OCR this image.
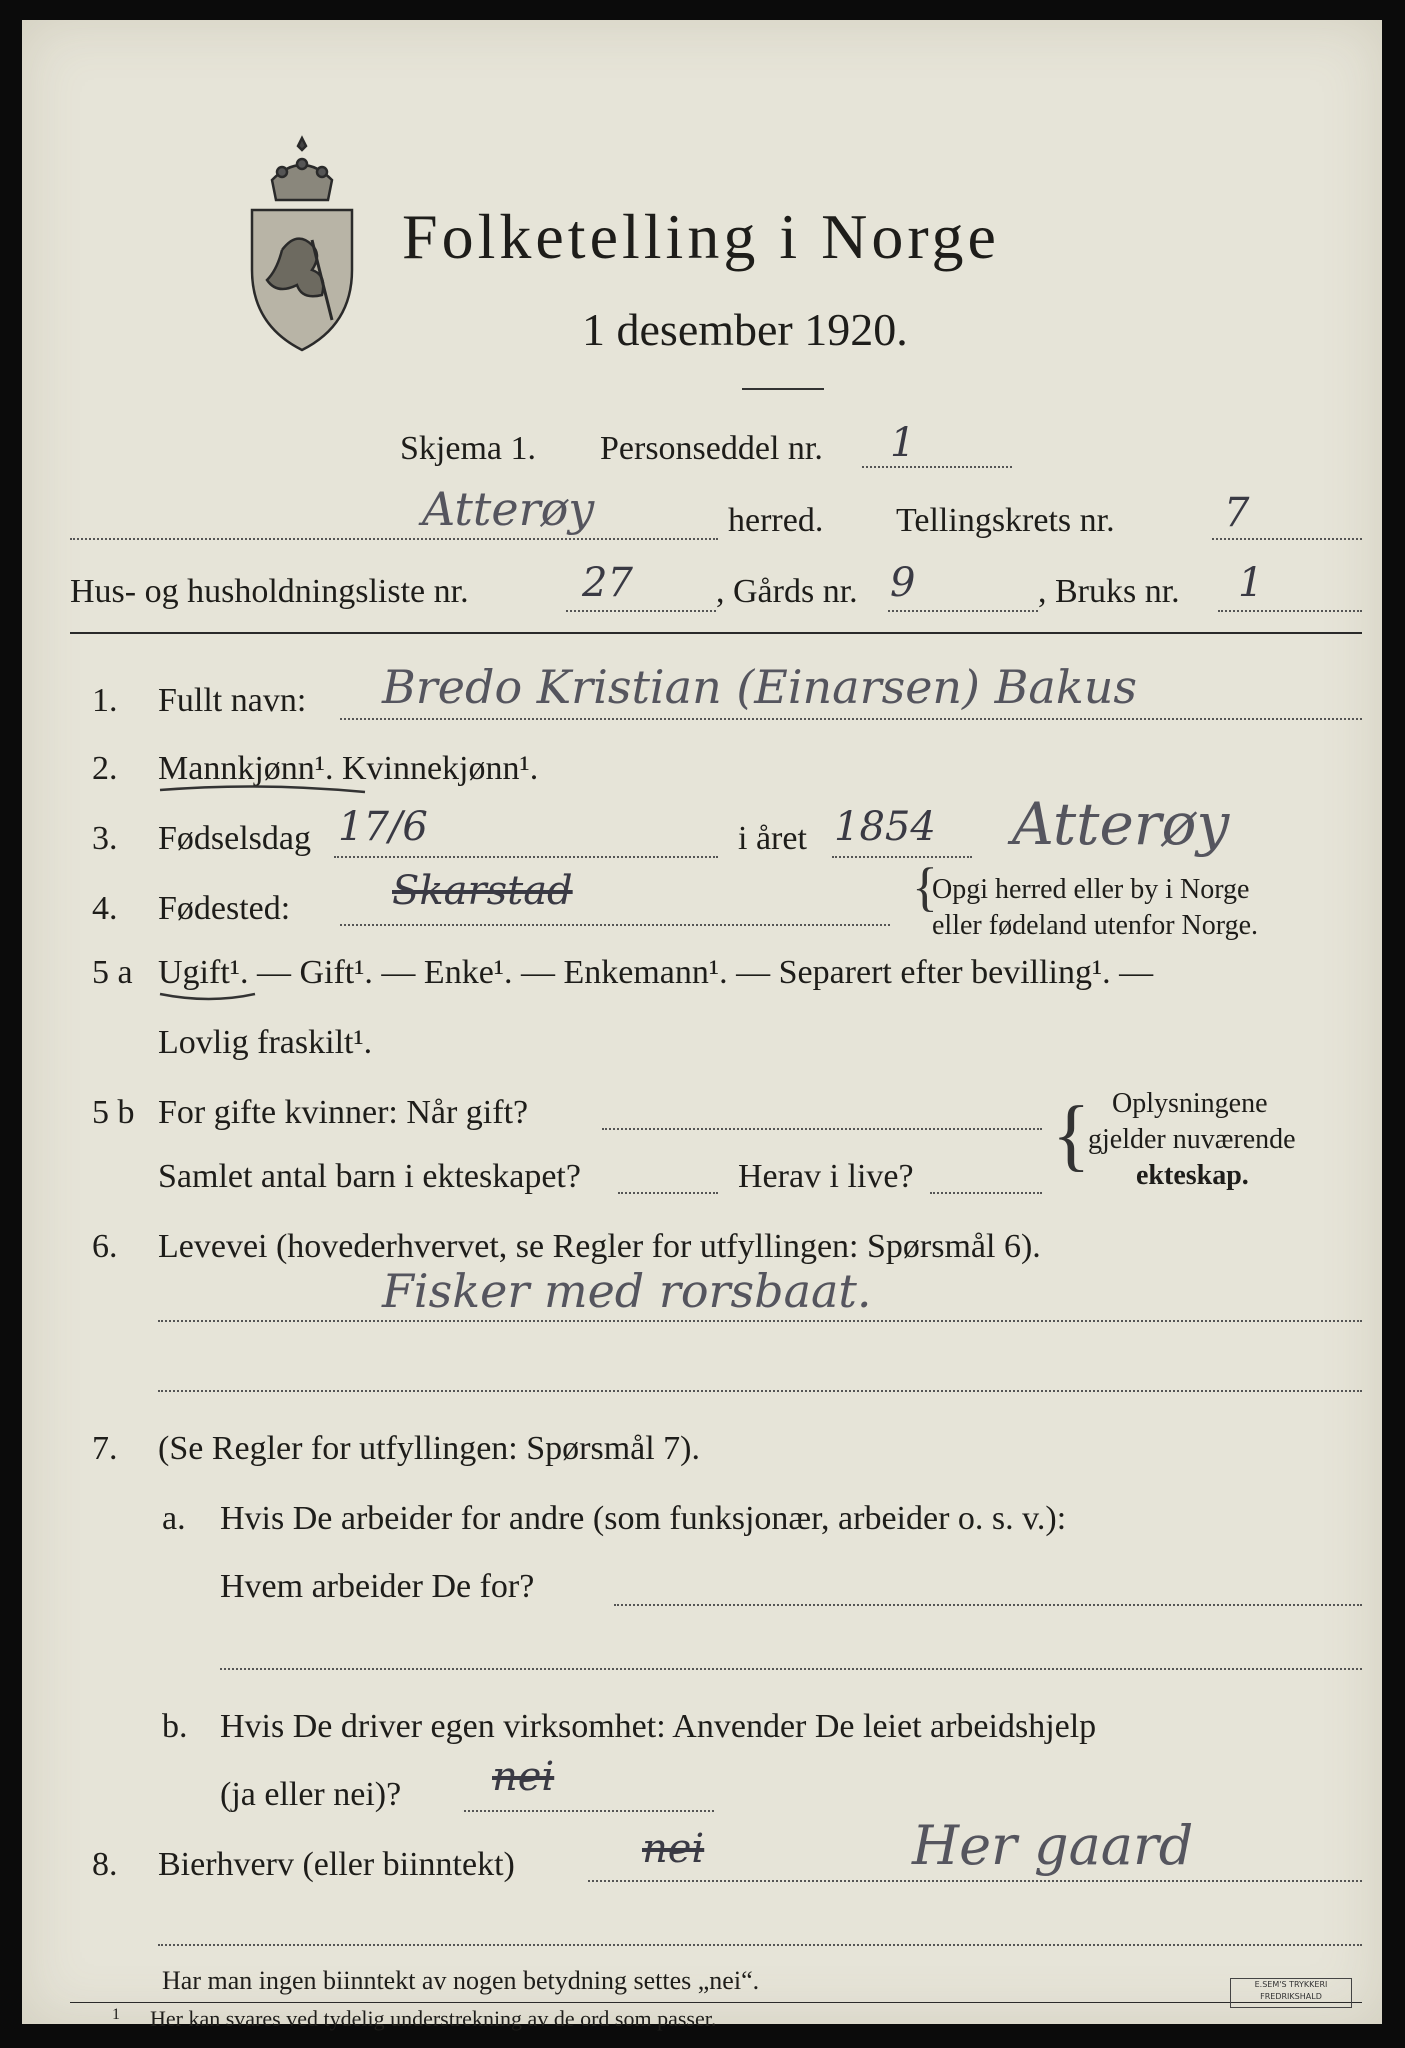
Folketelling i Norge
1 desember 1920.
Skjema 1. Personseddel nr. 1
Atterøy	herred. Tellingskrets nr.	7
Hus- og husholdningsliste nr.	27 , Gårds nr. 9	, Bruks nr. 1
1. Fullt navn: Bredo Kristian (Einarsen) Bakus
2. Mannkjønn¹. Kvinnekjønn¹.
3. Fødselsdag 17/6	i året 1854 Atterøy
4. Fødested:	Skarstad	{
Opgi herred eller by i Norge
eller fødeland utenfor Norge.
5 a Ugift¹. — Gift¹. — Enke¹. — Enkemann¹. — Separert efter bevilling¹. —
Lovlig fraskilt¹.
5 b For gifte kvinner: Når gift?
Samlet antal barn i ekteskapet?	Herav i live? { Oplysningene
gjelder nuværende
ekteskap.
6. Levevei (hovederhvervet, se Regler for utfyllingen: Spørsmål 6).
Fisker med rorsbaat.
7. (Se Regler for utfyllingen: Spørsmål 7).
a. Hvis De arbeider for andre (som funksjonær, arbeider o. s. v.):
Hvem arbeider De for?
b. Hvis De driver egen virksomhet: Anvender De leiet arbeidshjelp
(ja eller nei)? nei
8. Bierhverv (eller biinntekt)	nei	Her gaard
Har man ingen biinntekt av nogen betydning settes „nei“.
1 Her kan svares ved tydelig understrekning av de ord som passer.
E.SEM'S TRYKKERI
FREDRIKSHALD
